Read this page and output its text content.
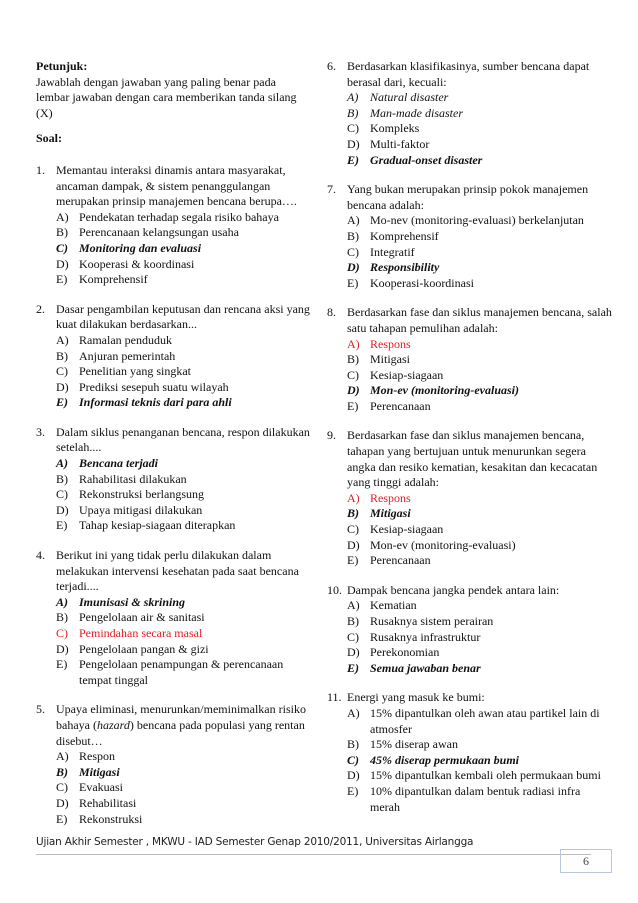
Petunjuk:
Jawablah dengan jawaban yang paling benar pada lembar jawaban dengan cara memberikan tanda silang (X)
Soal:
1. Memantau interaksi dinamis antara masyarakat, ancaman dampak, & sistem penanggulangan merupakan prinsip manajemen bencana berupa….
A) Pendekatan terhadap segala risiko bahaya
B) Perencanaan kelangsungan usaha
C) Monitoring dan evaluasi
D) Kooperasi & koordinasi
E) Komprehensif
2. Dasar pengambilan keputusan dan rencana aksi yang kuat dilakukan berdasarkan...
A) Ramalan penduduk
B) Anjuran pemerintah
C) Penelitian yang singkat
D) Prediksi sesepuh suatu wilayah
E) Informasi teknis dari para ahli
3. Dalam siklus penanganan bencana, respon dilakukan setelah....
A) Bencana terjadi
B) Rahabilitasi dilakukan
C) Rekonstruksi berlangsung
D) Upaya mitigasi dilakukan
E) Tahap kesiap-siagaan diterapkan
4. Berikut ini yang tidak perlu dilakukan dalam melakukan intervensi kesehatan pada saat bencana terjadi....
A) Imunisasi & skrining
B) Pengelolaan air & sanitasi
C) Pemindahan secara masal
D) Pengelolaan pangan & gizi
E) Pengelolaan penampungan & perencanaan tempat tinggal
5. Upaya eliminasi, menurunkan/meminimalkan risiko bahaya (hazard) bencana pada populasi yang rentan disebut…
A) Respon
B) Mitigasi
C) Evakuasi
D) Rehabilitasi
E) Rekonstruksi
6. Berdasarkan klasifikasinya, sumber bencana dapat berasal dari, kecuali:
A) Natural disaster
B) Man-made disaster
C) Kompleks
D) Multi-faktor
E) Gradual-onset disaster
7. Yang bukan merupakan prinsip pokok manajemen bencana adalah:
A) Mo-nev (monitoring-evaluasi) berkelanjutan
B) Komprehensif
C) Integratif
D) Responsibility
E) Kooperasi-koordinasi
8. Berdasarkan fase dan siklus manajemen bencana, salah satu tahapan pemulihan adalah:
A) Respons
B) Mitigasi
C) Kesiap-siagaan
D) Mon-ev (monitoring-evaluasi)
E) Perencanaan
9. Berdasarkan fase dan siklus manajemen bencana, tahapan yang bertujuan untuk menurunkan segera angka dan resiko kematian, kesakitan dan kecacatan yang tinggi adalah:
A) Respons
B) Mitigasi
C) Kesiap-siagaan
D) Mon-ev (monitoring-evaluasi)
E) Perencanaan
10. Dampak bencana jangka pendek antara lain:
A) Kematian
B) Rusaknya sistem perairan
C) Rusaknya infrastruktur
D) Perekonomian
E) Semua jawaban benar
11. Energi yang masuk ke bumi:
A) 15% dipantulkan oleh awan atau partikel lain di atmosfer
B) 15% diserap awan
C) 45% diserap permukaan bumi
D) 15% dipantulkan kembali oleh permukaan bumi
E) 10% dipantulkan dalam bentuk radiasi infra merah
Ujian Akhir Semester , MKWU - IAD Semester Genap 2010/2011, Universitas Airlangga
6
